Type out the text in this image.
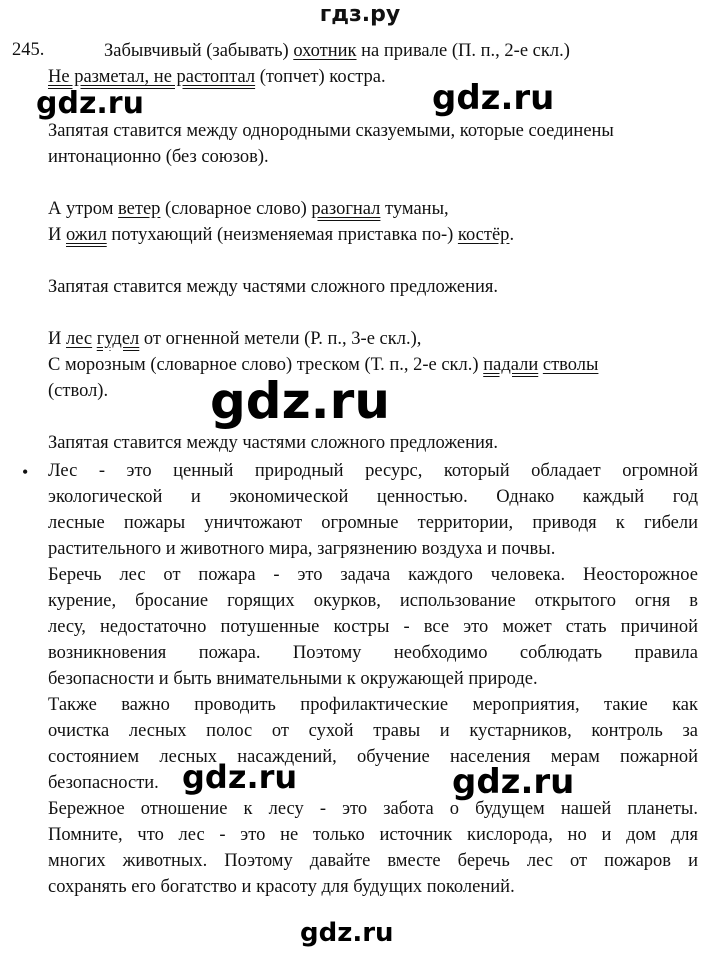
гдз.ру
245.	Забывчивый (забывать) охотник на привале (П. п., 2-е скл.)
Не разметал, не растоптал (топчет) костра.
Запятая ставится между однородными сказуемыми, которые соединены
интонационно (без союзов).
А утром ветер (словарное слово) разогнал туманы,
И ожил потухающий (неизменяемая приставка по-) костёр.
Запятая ставится между частями сложного предложения.
И лес гудел от огненной метели (Р. п., 3-е скл.),
С морозным (словарное слово) треском (Т. п., 2-е скл.) падали стволы
(ствол).
Запятая ставится между частями сложного предложения.
• Лес - это ценный природный ресурс, который обладает огромной
экологической и экономической ценностью. Однако каждый год
лесные пожары уничтожают огромные территории, приводя к гибели
растительного и животного мира, загрязнению воздуха и почвы.
Беречь лес от пожара - это задача каждого человека. Неосторожное
курение, бросание горящих окурков, использование открытого огня в
лесу, недостаточно потушенные костры - все это может стать причиной
возникновения пожара. Поэтому необходимо соблюдать правила
безопасности и быть внимательными к окружающей природе.
Также важно проводить профилактические мероприятия, такие как
очистка лесных полос от сухой травы и кустарников, контроль за
состоянием лесных насаждений, обучение населения мерам пожарной
безопасности.
Бережное отношение к лесу - это забота о будущем нашей планеты.
Помните, что лес - это не только источник кислорода, но и дом для
многих животных. Поэтому давайте вместе беречь лес от пожаров и
сохранять его богатство и красоту для будущих поколений.
gdz.ru	gdz.ru
gdz.ru
gdz.ru	gdz.ru
gdz.ru
